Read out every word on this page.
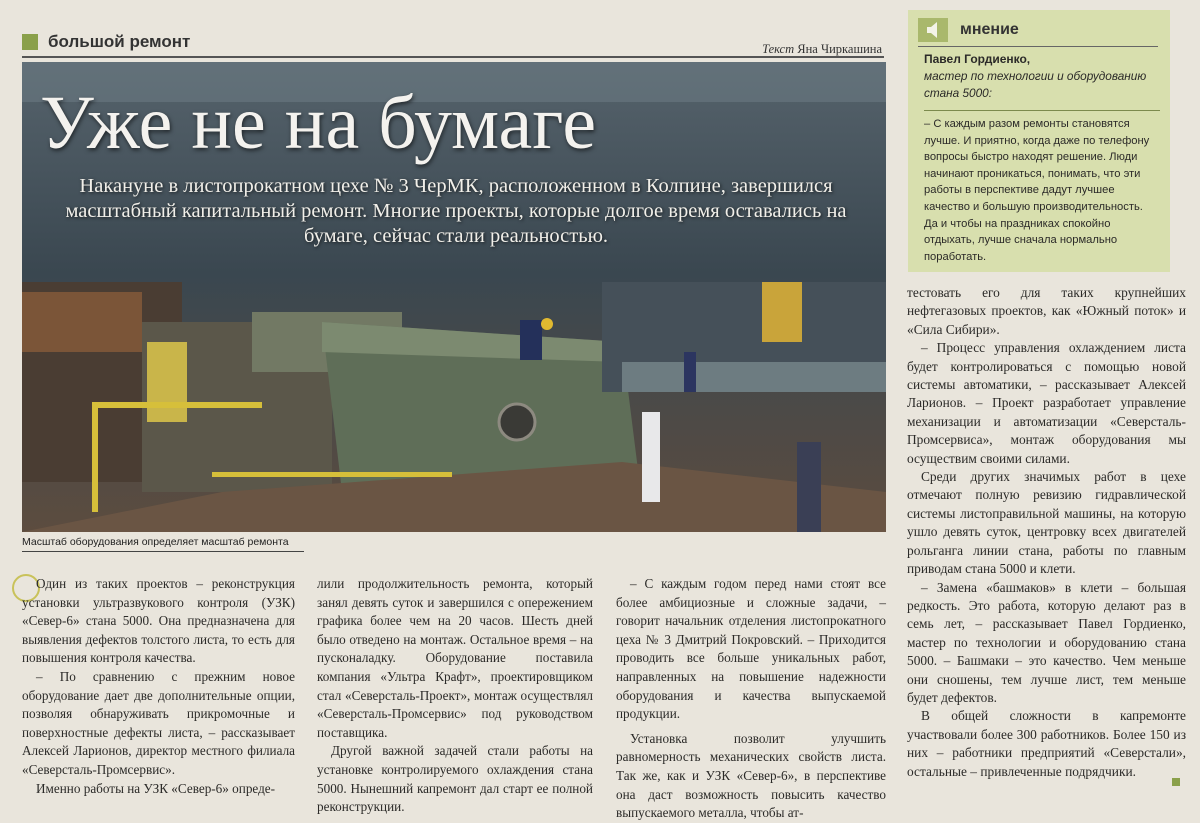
большой ремонт	Текст Яна Чиркашина
Уже не на бумаге
Накануне в листопрокатном цехе № 3 ЧерМК, расположенном в Колпине, завершился масштабный капитальный ремонт. Многие проекты, которые долгое время оставались на бумаге, сейчас стали реальностью.
Масштаб оборудования определяет масштаб ремонта
мнение
Павел Гордиенко,
мастер по технологии и оборудованию стана 5000:
– С каждым разом ремонты становятся лучше. И приятно, когда даже по телефону вопросы быстро находят решение. Люди начинают проникаться, понимать, что эти работы в перспективе дадут лучшее качество и большую производительность. Да и чтобы на праздниках спокойно отдыхать, лучше сначала нормально поработать.

Один из таких проектов – реконструкция установки ультразвукового контроля (УЗК) «Север-6» стана 5000. Она предназначена для выявления дефектов толстого листа, то есть для повышения контроля качества.

– По сравнению с прежним новое оборудование дает две дополнительные опции, позволяя обнаруживать прикромочные и поверхностные дефекты листа, – рассказывает Алексей Ларионов, директор местного филиала «Северсталь-Промсервис».

Именно работы на УЗК «Север-6» опреде-

лили продолжительность ремонта, который занял девять суток и завершился с опережением графика более чем на 20 часов. Шесть дней было отведено на монтаж. Остальное время – на пусконаладку. Оборудование поставила компания «Ультра Крафт», проектировщиком стал «Северсталь-Проект», монтаж осуществлял «Северсталь-Промсервис» под руководством поставщика.

Другой важной задачей стали работы на установке контролируемого охлаждения стана 5000. Нынешний капремонт дал старт ее полной реконструкции.

– С каждым годом перед нами стоят все более амбициозные и сложные задачи, – говорит начальник отделения листопрокатного цеха № 3 Дмитрий Покровский. – Приходится проводить все больше уникальных работ, направленных на повышение надежности оборудования и качества выпускаемой продукции.

Установка позволит улучшить равномерность механических свойств листа. Так же, как и УЗК «Север-6», в перспективе она даст возможность повысить качество выпускаемого металла, чтобы ат-

тестовать его для таких крупнейших нефтегазовых проектов, как «Южный поток» и «Сила Сибири».

– Процесс управления охлаждением листа будет контролироваться с помощью новой системы автоматики, – рассказывает Алексей Ларионов. – Проект разработает управление механизации и автоматизации «Северсталь-Промсервиса», монтаж оборудования мы осуществим своими силами.

Среди других значимых работ в цехе отмечают полную ревизию гидравлической системы листоправильной машины, на которую ушло девять суток, центровку всех двигателей рольганга линии стана, работы по главным приводам стана 5000 и клети.

– Замена «башмаков» в клети – большая редкость. Это работа, которую делают раз в семь лет, – рассказывает Павел Гордиенко, мастер по технологии и оборудованию стана 5000. – Башмаки – это качество. Чем меньше они сношены, тем лучше лист, тем меньше будет дефектов.

В общей сложности в капремонте участвовали более 300 работников. Более 150 из них – работники предприятий «Северстали», остальные – привлеченные подрядчики.
